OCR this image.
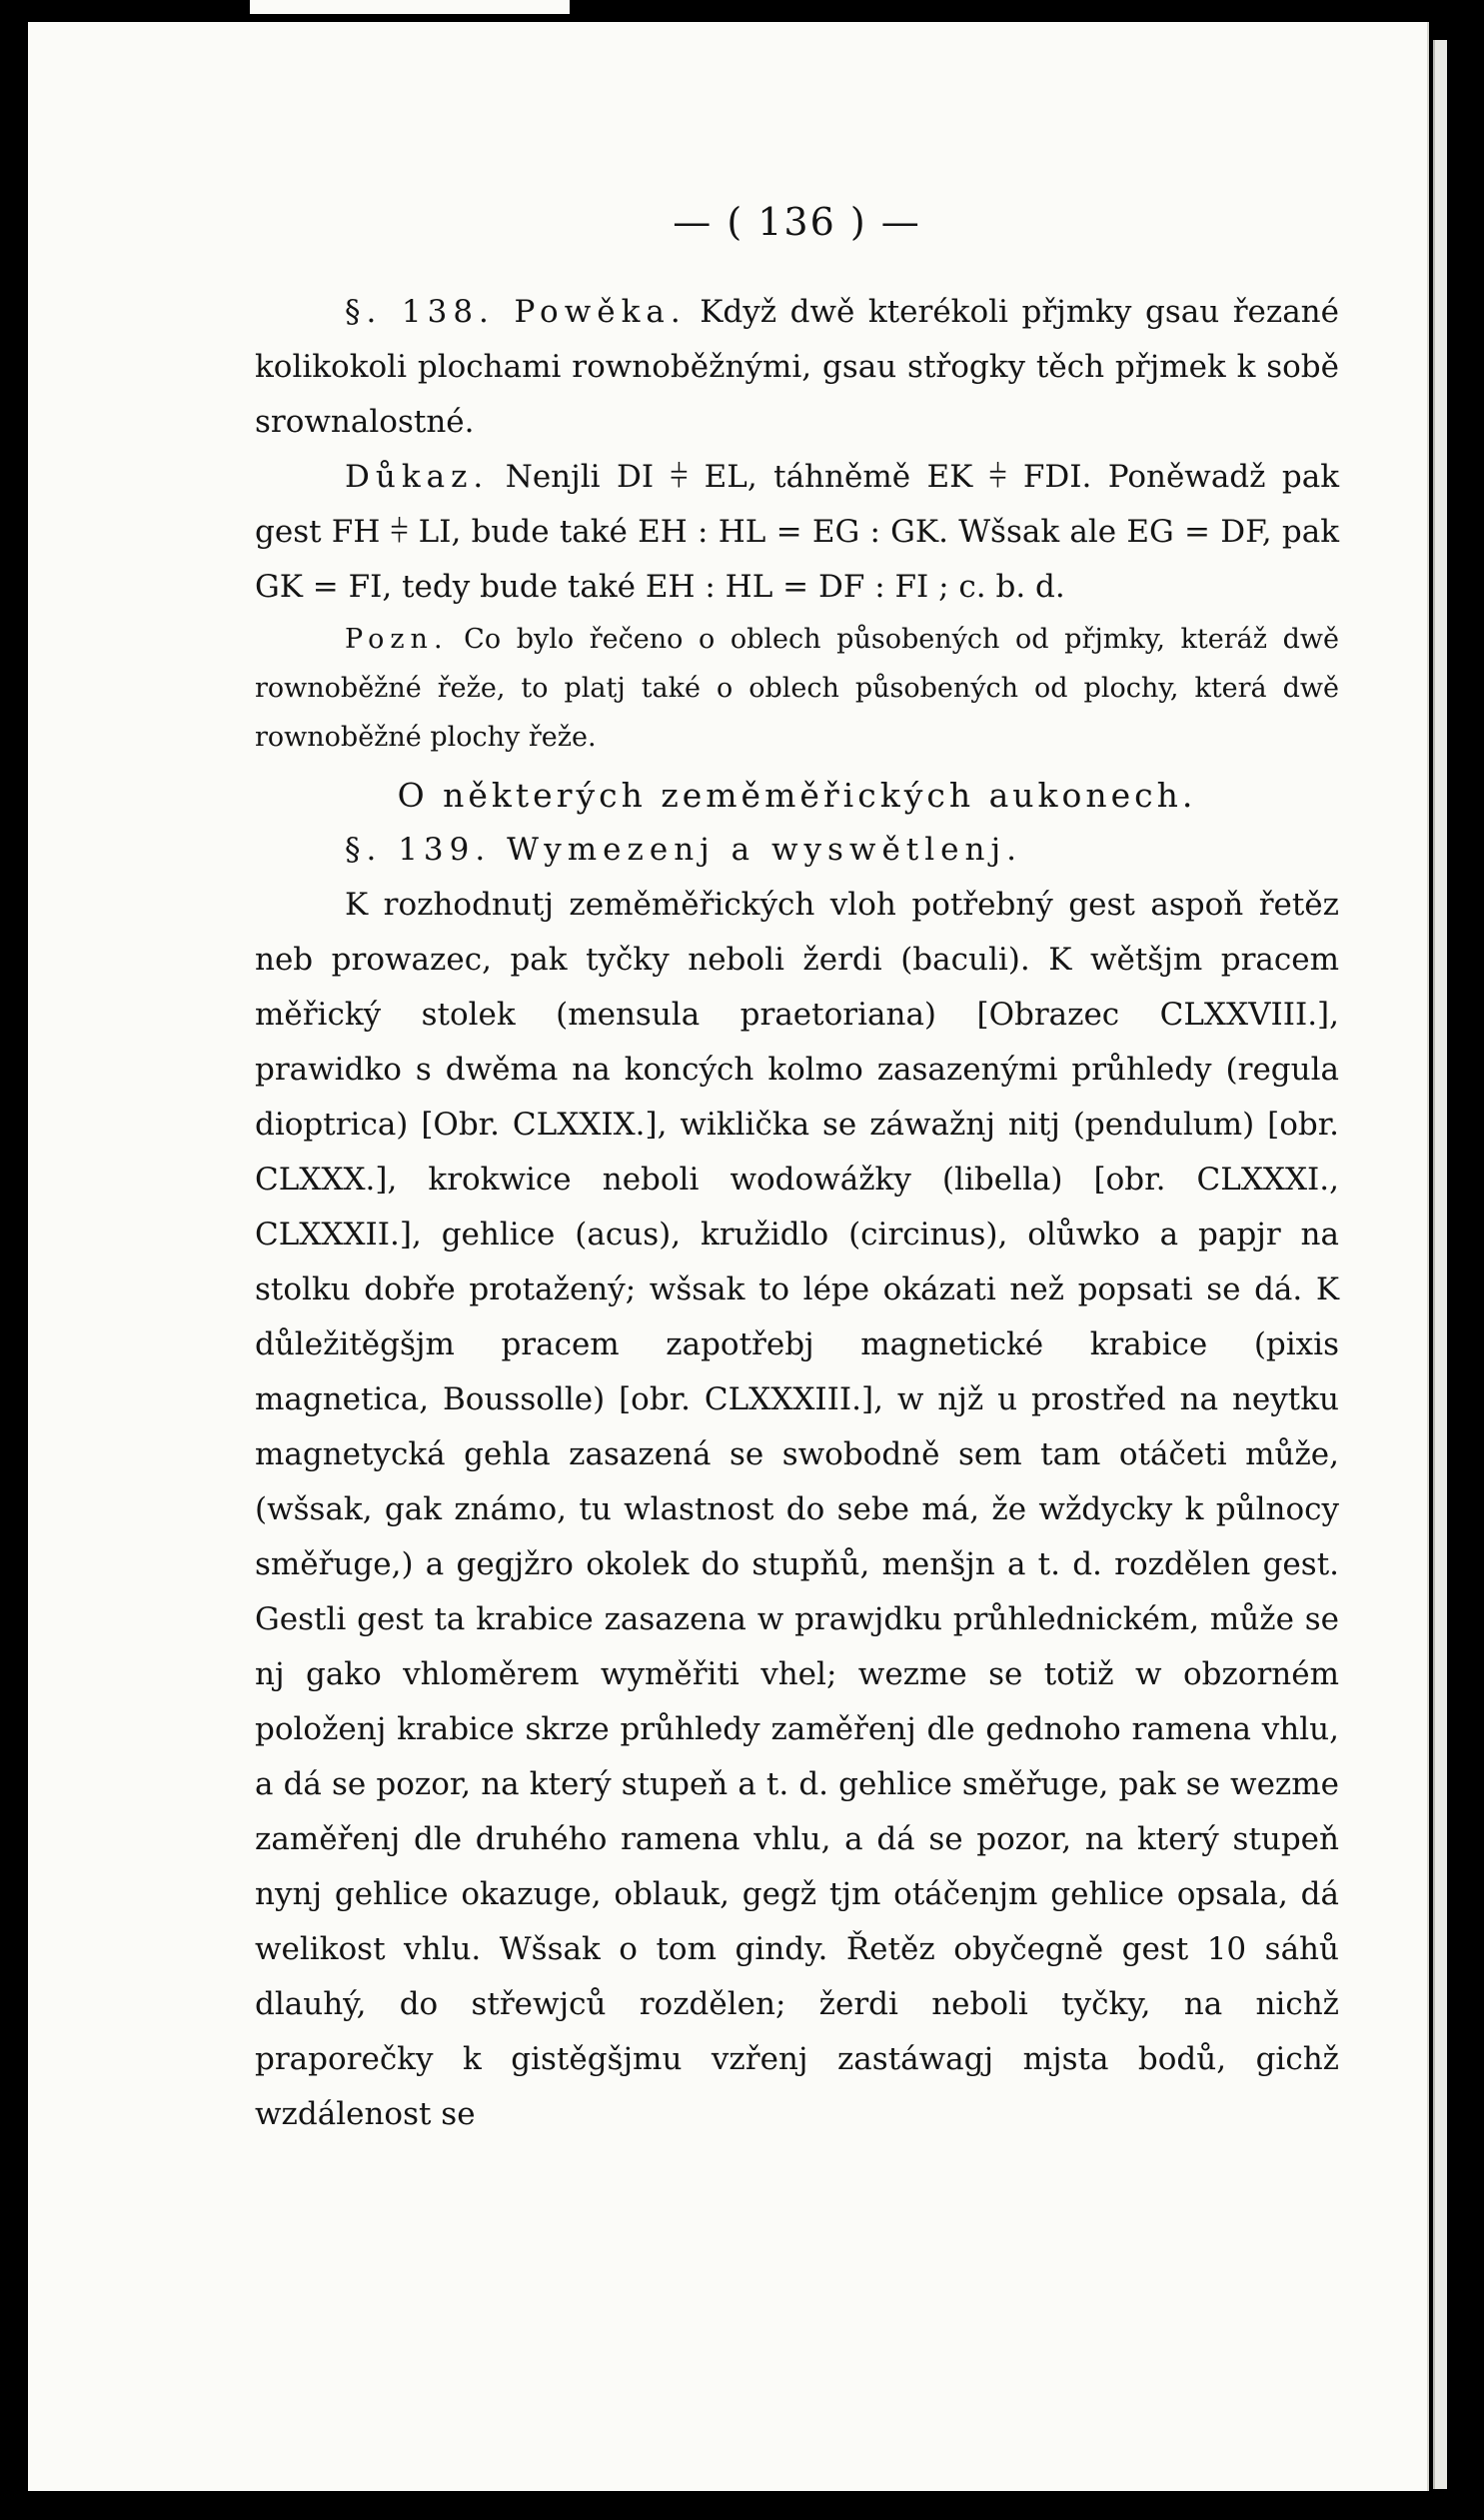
— ( 136 ) —

§. 138. Powěka. Když dwě kterékoli přjmky gsau řezané kolikokoli plochami rownoběžnými, gsau střogky těch přjmek k sobě srownalostné.

Důkaz. Nenjli DI ⫩ EL, táhněmě EK ⫩ FDI. Poněwadž pak gest FH ⫩ LI, bude také EH : HL = EG : GK. Wšsak ale EG = DF, pak GK = FI, tedy bude také EH : HL = DF : FI ; c. b. d.

Pozn. Co bylo řečeno o oblech působených od přjmky, kteráž dwě rownoběžné řeže, to platj také o oblech působených od plochy, která dwě rownoběžné plochy řeže.

O některých zeměměřických aukonech.

§. 139. Wymezenj a wyswětlenj.

K rozhodnutj zeměměřických vloh potřebný gest aspoň řetěz neb prowazec, pak tyčky neboli žerdi (baculi). K wětšjm pracem měřický stolek (mensula praetoriana) [Obrazec CLXXVIII.], prawidko s dwěma na koncých kolmo zasazenými průhledy (regula dioptrica) [Obr. CLXXIX.], wiklička se záwažnj nitj (pendulum) [obr. CLXXX.], krokwice neboli wodowážky (libella) [obr. CLXXXI., CLXXXII.], gehlice (acus), kružidlo (circinus), olůwko a papjr na stolku dobře protažený; wšsak to lépe okázati než popsati se dá. K důležitěgšjm pracem zapotřebj magnetické krabice (pixis magnetica, Boussolle) [obr. CLXXXIII.], w njž u prostřed na neytku magnetycká gehla zasazená se swobodně sem tam otáčeti může, (wšsak, gak známo, tu wlastnost do sebe má, že wždycky k půlnocy směřuge,) a gegjžro okolek do stupňů, menšjn a t. d. rozdělen gest. Gestli gest ta krabice zasazena w prawjdku průhlednickém, může se nj gako vhloměrem wyměřiti vhel; wezme se totiž w obzorném položenj krabice skrze průhledy zaměřenj dle gednoho ramena vhlu, a dá se pozor, na který stupeň a t. d. gehlice směřuge, pak se wezme zaměřenj dle druhého ramena vhlu, a dá se pozor, na který stupeň nynj gehlice okazuge, oblauk, gegž tjm otáčenjm gehlice opsala, dá welikost vhlu. Wšsak o tom gindy. Řetěz obyčegně gest 10 sáhů dlauhý, do střewjců rozdělen; žerdi neboli tyčky, na nichž praporečky k gistěgšjmu vzřenj zastáwagj mjsta bodů, gichž wzdálenost se
